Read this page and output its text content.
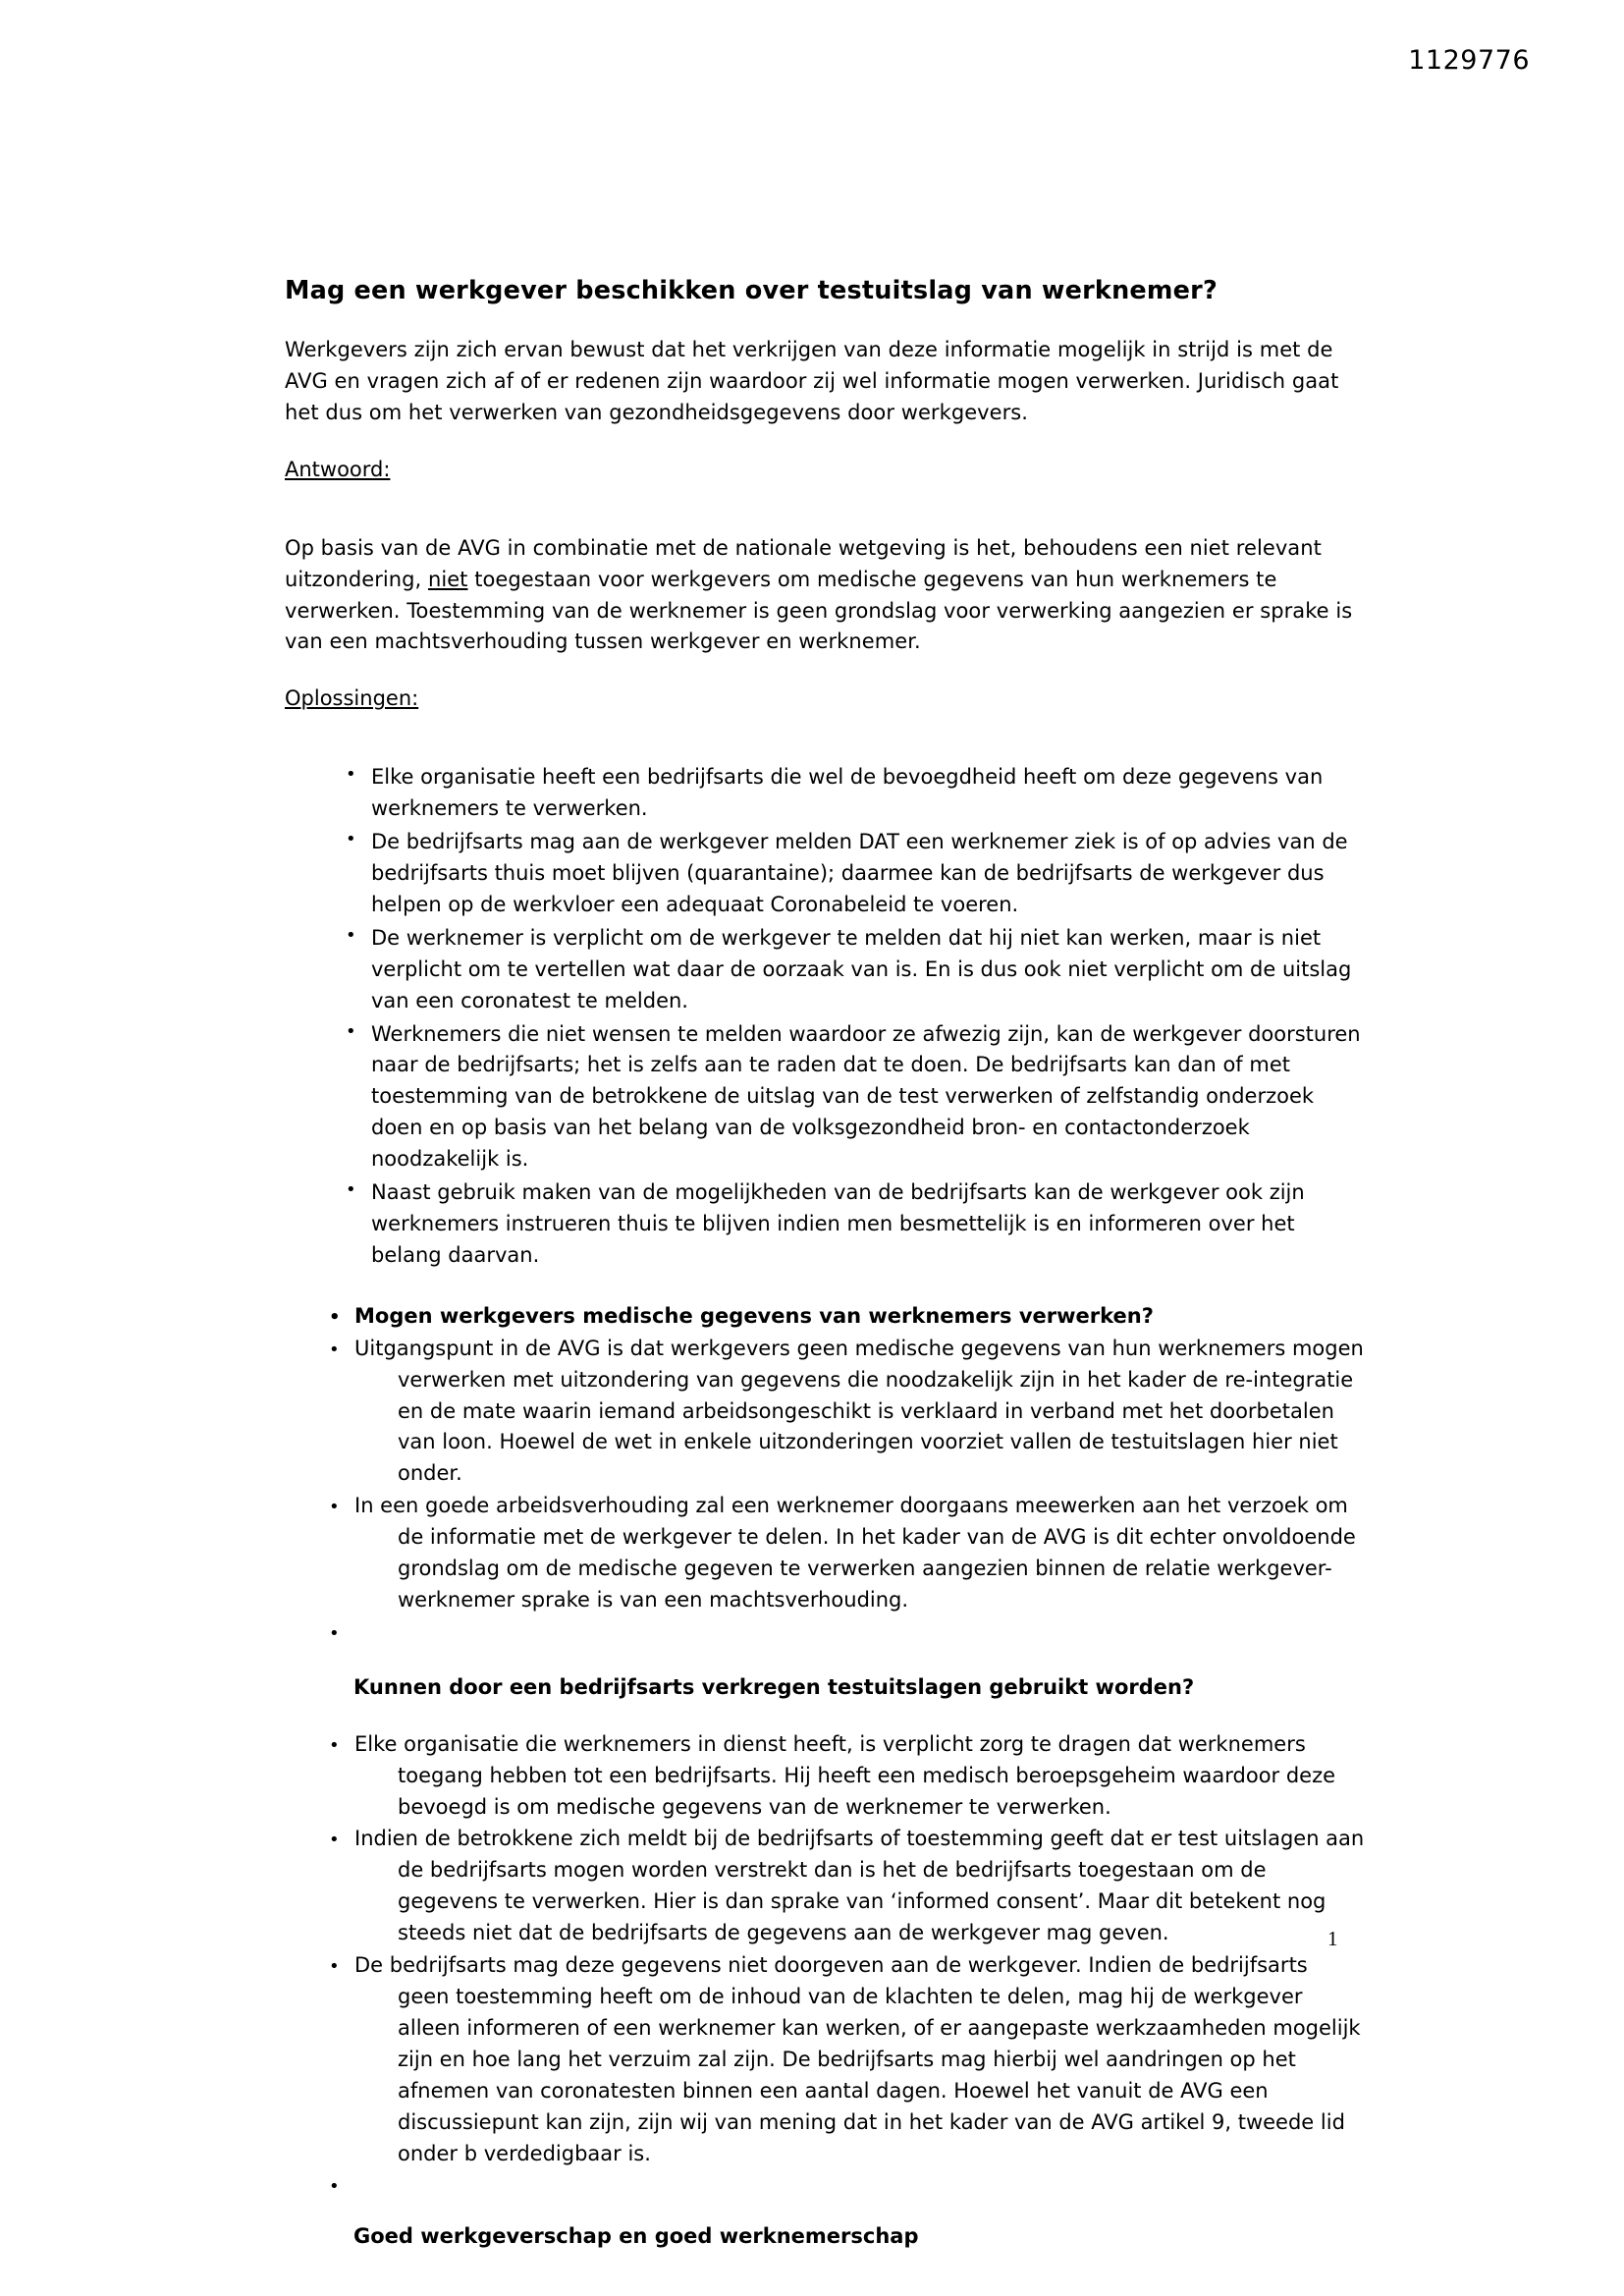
1129776
Mag een werkgever beschikken over testuitslag van werknemer?

Werkgevers zijn zich ervan bewust dat het verkrijgen van deze informatie mogelijk in strijd is met de AVG en vragen zich af of er redenen zijn waardoor zij wel informatie mogen verwerken. Juridisch gaat het dus om het verwerken van gezondheidsgegevens door werkgevers.

Antwoord:

Op basis van de AVG in combinatie met de nationale wetgeving is het, behoudens een niet relevant uitzondering, niet toegestaan voor werkgevers om medische gegevens van hun werknemers te verwerken. Toestemming van de werknemer is geen grondslag voor verwerking aangezien er sprake is van een machtsverhouding tussen werkgever en werknemer.

Oplossingen:
• Elke organisatie heeft een bedrijfsarts die wel de bevoegdheid heeft om deze gegevens van werknemers te verwerken.
• De bedrijfsarts mag aan de werkgever melden DAT een werknemer ziek is of op advies van de bedrijfsarts thuis moet blijven (quarantaine); daarmee kan de bedrijfsarts de werkgever dus helpen op de werkvloer een adequaat Coronabeleid te voeren.
• De werknemer is verplicht om de werkgever te melden dat hij niet kan werken, maar is niet verplicht om te vertellen wat daar de oorzaak van is. En is dus ook niet verplicht om de uitslag van een coronatest te melden.
• Werknemers die niet wensen te melden waardoor ze afwezig zijn, kan de werkgever doorsturen naar de bedrijfsarts; het is zelfs aan te raden dat te doen. De bedrijfsarts kan dan of met toestemming van de betrokkene de uitslag van de test verwerken of zelfstandig onderzoek doen en op basis van het belang van de volksgezondheid bron- en contactonderzoek noodzakelijk is.
• Naast gebruik maken van de mogelijkheden van de bedrijfsarts kan de werkgever ook zijn werknemers instrueren thuis te blijven indien men besmettelijk is en informeren over het belang daarvan.
• Mogen werkgevers medische gegevens van werknemers verwerken?
• Uitgangspunt in de AVG is dat werkgevers geen medische gegevens van hun werknemers mogen verwerken met uitzondering van gegevens die noodzakelijk zijn in het kader de re-integratie en de mate waarin iemand arbeidsongeschikt is verklaard in verband met het doorbetalen van loon. Hoewel de wet in enkele uitzonderingen voorziet vallen de testuitslagen hier niet onder.
• In een goede arbeidsverhouding zal een werknemer doorgaans meewerken aan het verzoek om de informatie met de werkgever te delen. In het kader van de AVG is dit echter onvoldoende grondslag om de medische gegeven te verwerken aangezien binnen de relatie werkgever-werknemer sprake is van een machtsverhouding.
•
Kunnen door een bedrijfsarts verkregen testuitslagen gebruikt worden?
• Elke organisatie die werknemers in dienst heeft, is verplicht zorg te dragen dat werknemers toegang hebben tot een bedrijfsarts. Hij heeft een medisch beroepsgeheim waardoor deze bevoegd is om medische gegevens van de werknemer te verwerken.
• Indien de betrokkene zich meldt bij de bedrijfsarts of toestemming geeft dat er test uitslagen aan de bedrijfsarts mogen worden verstrekt dan is het de bedrijfsarts toegestaan om de gegevens te verwerken. Hier is dan sprake van ‘informed consent’. Maar dit betekent nog steeds niet dat de bedrijfsarts de gegevens aan de werkgever mag geven.
• De bedrijfsarts mag deze gegevens niet doorgeven aan de werkgever. Indien de bedrijfsarts geen toestemming heeft om de inhoud van de klachten te delen, mag hij de werkgever alleen informeren of een werknemer kan werken, of er aangepaste werkzaamheden mogelijk zijn en hoe lang het verzuim zal zijn. De bedrijfsarts mag hierbij wel aandringen op het afnemen van coronatesten binnen een aantal dagen. Hoewel het vanuit de AVG een discussiepunt kan zijn, zijn wij van mening dat in het kader van de AVG artikel 9, tweede lid onder b verdedigbaar is.
•
Goed werkgeverschap en goed werknemerschap
1
